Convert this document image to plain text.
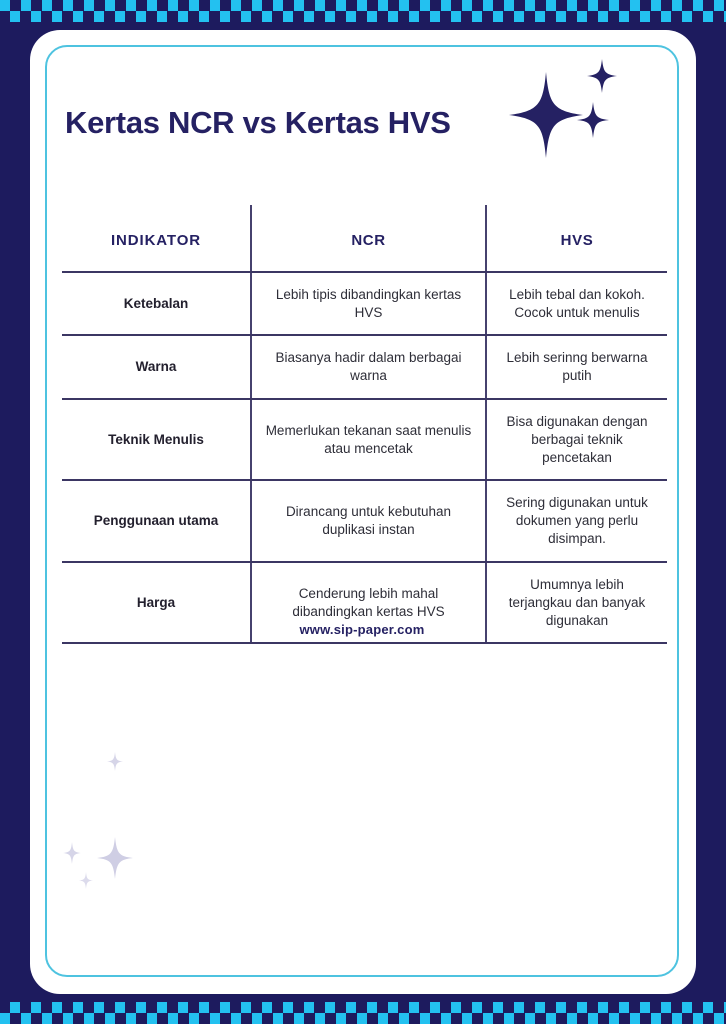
Kertas NCR vs Kertas HVS
INDIKATOR	NCR	HVS
Ketebalan
Lebih tipis dibandingkan kertas HVS
Lebih tebal dan kokoh. Cocok untuk menulis
Warna
Biasanya hadir dalam berbagai warna
Lebih serinng berwarna putih
Teknik Menulis
Memerlukan tekanan saat menulis atau mencetak
Bisa digunakan dengan berbagai teknik pencetakan
Penggunaan utama
Dirancang untuk kebutuhan duplikasi instan
Sering digunakan untuk dokumen yang perlu disimpan.
Harga
Cenderung lebih mahal dibandingkan kertas HVS
Umumnya lebih terjangkau dan banyak digunakan
www.sip-paper.com
